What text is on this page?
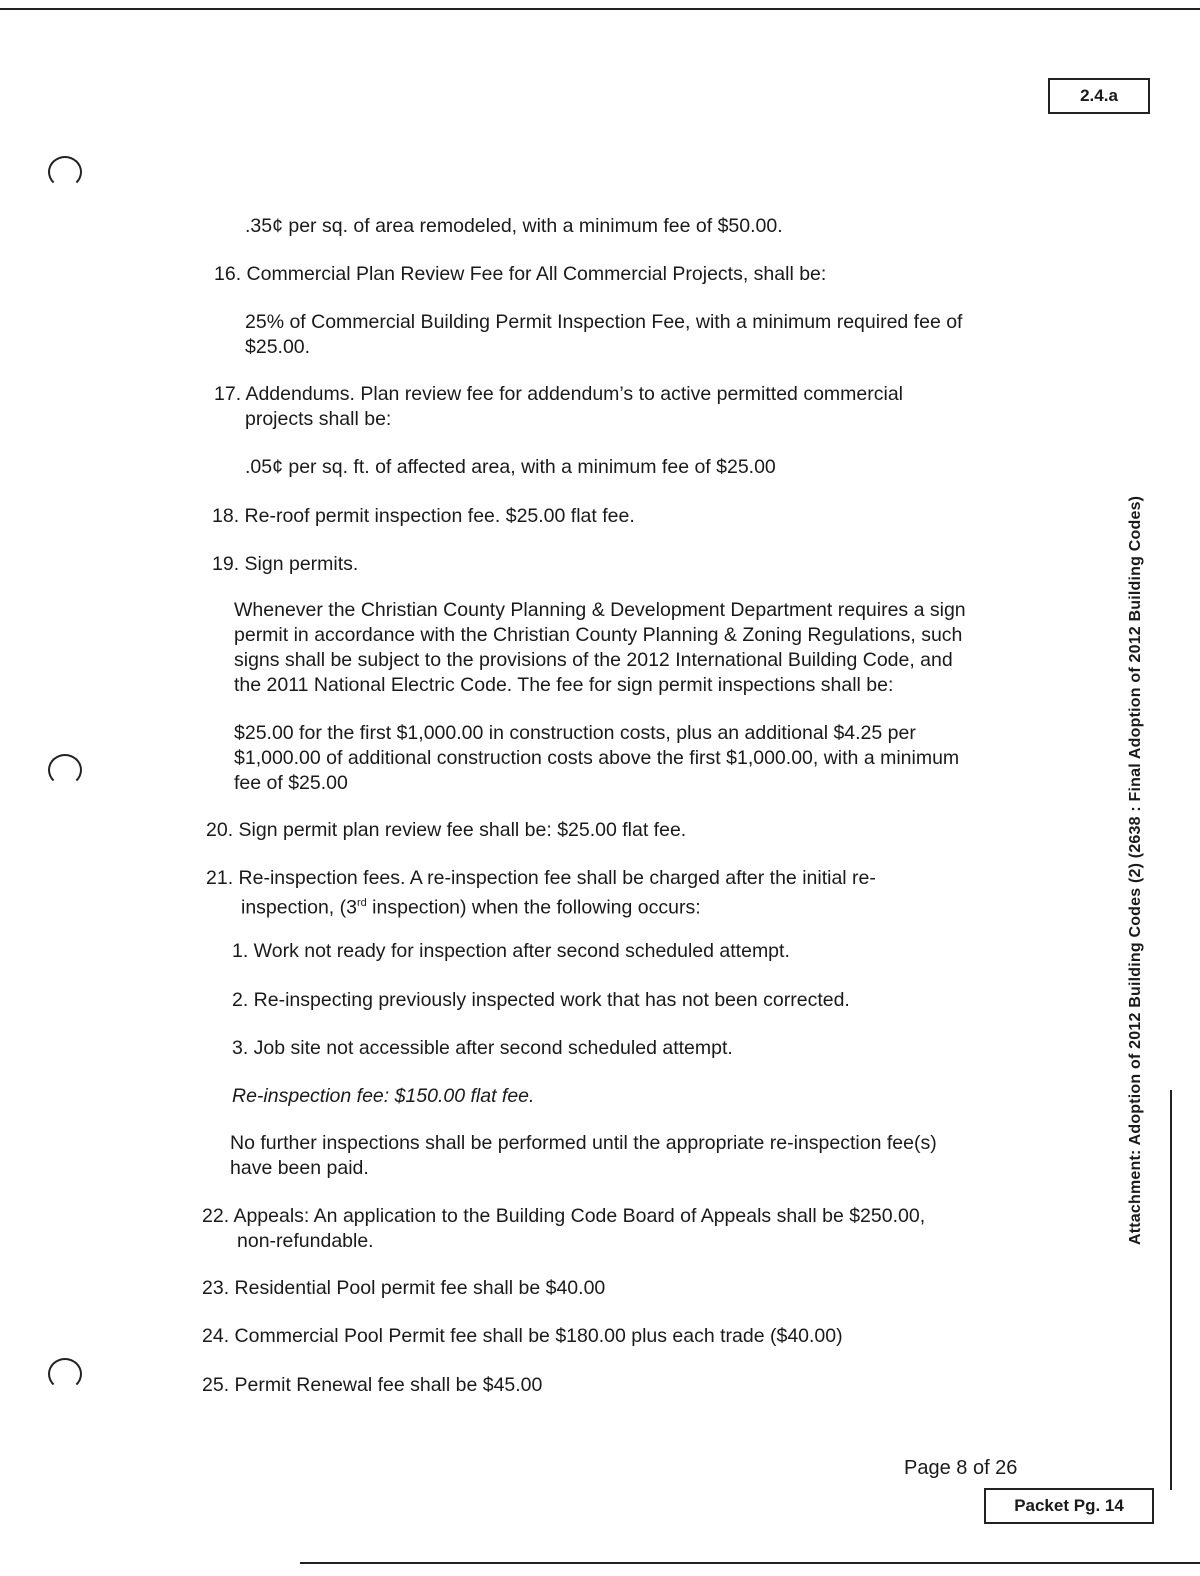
2.4.a
.35¢ per sq. of area remodeled, with a minimum fee of $50.00.
16. Commercial Plan Review Fee for All Commercial Projects, shall be:
25% of Commercial Building Permit Inspection Fee, with a minimum required fee of
$25.00.
17. Addendums. Plan review fee for addendum’s to active permitted commercial
projects shall be:
.05¢ per sq. ft. of affected area, with a minimum fee of $25.00
18. Re-roof permit inspection fee. $25.00 flat fee.
19. Sign permits.
Whenever the Christian County Planning & Development Department requires a sign
permit in accordance with the Christian County Planning & Zoning Regulations, such
signs shall be subject to the provisions of the 2012 International Building Code, and
the 2011 National Electric Code. The fee for sign permit inspections shall be:
$25.00 for the first $1,000.00 in construction costs, plus an additional $4.25 per
$1,000.00 of additional construction costs above the first $1,000.00, with a minimum
fee of $25.00
20. Sign permit plan review fee shall be: $25.00 flat fee.
21. Re-inspection fees. A re-inspection fee shall be charged after the initial re-
inspection, (3rd inspection) when the following occurs:
1. Work not ready for inspection after second scheduled attempt.
2. Re-inspecting previously inspected work that has not been corrected.
3. Job site not accessible after second scheduled attempt.
Re-inspection fee: $150.00 flat fee.
No further inspections shall be performed until the appropriate re-inspection fee(s)
have been paid.
22. Appeals: An application to the Building Code Board of Appeals shall be $250.00,
non-refundable.
23. Residential Pool permit fee shall be $40.00
24. Commercial Pool Permit fee shall be $180.00 plus each trade ($40.00)
25. Permit Renewal fee shall be $45.00
Attachment: Adoption of 2012 Building Codes (2) (2638 : Final Adoption of 2012 Building Codes)
Page 8 of 26
Packet Pg. 14
